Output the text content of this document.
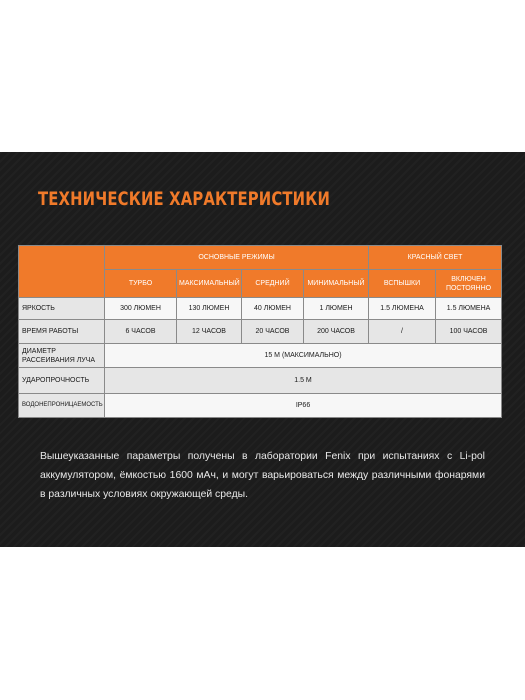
ТЕХНИЧЕСКИЕ ХАРАКТЕРИСТИКИ
	ОСНОВНЫЕ РЕЖИМЫ				КРАСНЫЙ СВЕТ	
	ТУРБО	МАКСИМАЛЬНЫЙ	СРЕДНИЙ	МИНИМАЛЬНЫЙ	ВСПЫШКИ	ВКЛЮЧЕН ПОСТОЯННО
ЯРКОСТЬ	300 ЛЮМЕН	130 ЛЮМЕН	40 ЛЮМЕН	1 ЛЮМЕН	1.5 ЛЮМЕНА	1.5 ЛЮМЕНА
ВРЕМЯ РАБОТЫ	6 ЧАСОВ	12 ЧАСОВ	20 ЧАСОВ	200 ЧАСОВ	/	100 ЧАСОВ
ДИАМЕТР РАССЕИВАНИЯ ЛУЧА	15 М (МАКСИМАЛЬНО)					
УДАРОПРОЧНОСТЬ	1.5 М					
ВОДОНЕПРОНИЦАЕМОСТЬ	IP66					

Вышеуказанные параметры получены в лаборатории Fenix при испытаниях с Li-pol аккумулятором, ёмкостью 1600 мАч, и могут варьироваться между различными фонарями в различных условиях окружающей среды.
